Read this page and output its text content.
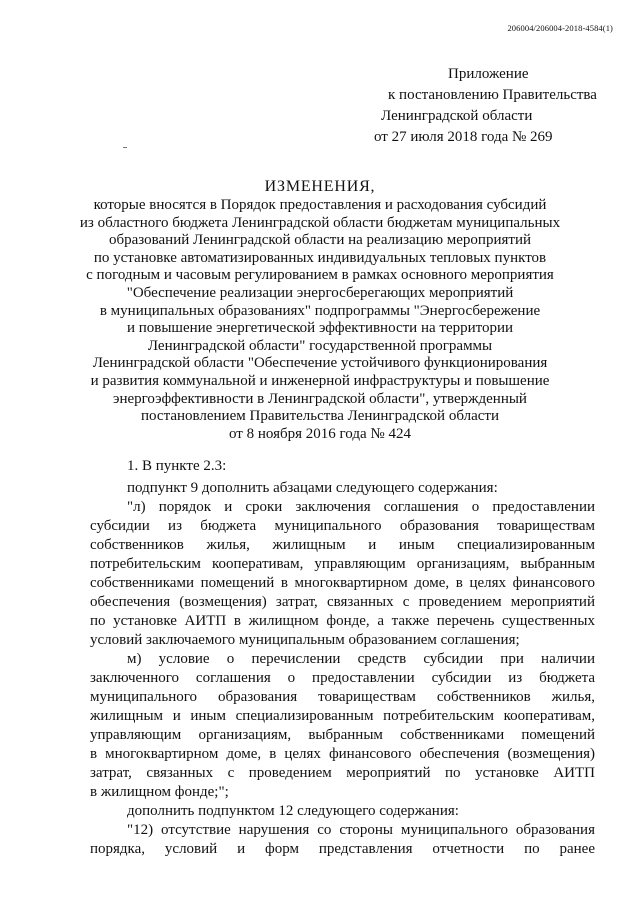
206004/206004-2018-4584(1)
Приложение
к постановлению Правительства
Ленинградской области
от 27 июля 2018 года № 269
ИЗМЕНЕНИЯ,
которые вносятся в Порядок предоставления и расходования субсидий
из областного бюджета Ленинградской области бюджетам муниципальных
образований Ленинградской области на реализацию мероприятий
по установке автоматизированных индивидуальных тепловых пунктов
с погодным и часовым регулированием в рамках основного мероприятия
"Обеспечение реализации энергосберегающих мероприятий
в муниципальных образованиях" подпрограммы "Энергосбережение
и повышение энергетической эффективности на территории
Ленинградской области" государственной программы
Ленинградской области "Обеспечение устойчивого функционирования
и развития коммунальной и инженерной инфраструктуры и повышение
энергоэффективности в Ленинградской области", утвержденный
постановлением Правительства Ленинградской области
от 8 ноября 2016 года № 424
1. В пункте 2.3:
подпункт 9 дополнить абзацами следующего содержания:
"л) порядок и сроки заключения соглашения о предоставлении
субсидии из бюджета муниципального образования товариществам
собственников жилья, жилищным и иным специализированным
потребительским кооперативам, управляющим организациям, выбранным
собственниками помещений в многоквартирном доме, в целях финансового
обеспечения (возмещения) затрат, связанных с проведением мероприятий
по установке АИТП в жилищном фонде, а также перечень существенных
условий заключаемого муниципальным образованием соглашения;
м) условие о перечислении средств субсидии при наличии
заключенного соглашения о предоставлении субсидии из бюджета
муниципального образования товариществам собственников жилья,
жилищным и иным специализированным потребительским кооперативам,
управляющим организациям, выбранным собственниками помещений
в многоквартирном доме, в целях финансового обеспечения (возмещения)
затрат, связанных с проведением мероприятий по установке АИТП
в жилищном фонде;";
дополнить подпунктом 12 следующего содержания:
"12) отсутствие нарушения со стороны муниципального образования
порядка, условий и форм представления отчетности по ранее
